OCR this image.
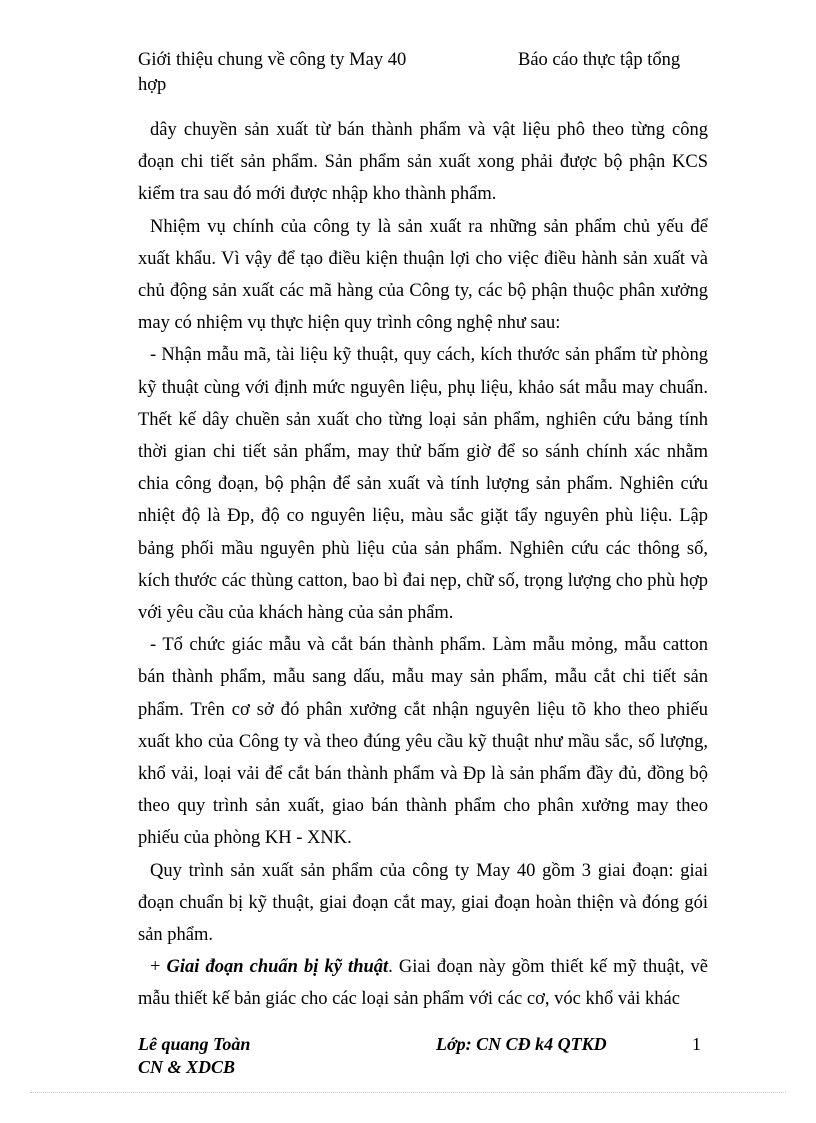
Giới thiệu chung về công ty May 40
hợp
Báo cáo thực tập tổng

dây chuyền sản xuất từ bán thành phẩm và vật liệu phô theo từng công đoạn chi tiết sản phẩm. Sản phẩm sản xuất xong phải được bộ phận KCS kiểm tra sau đó mới được nhập kho thành phẩm.

Nhiệm vụ chính của công ty là sản xuất ra những sản phẩm chủ yếu để xuất khẩu. Vì vậy để tạo điều kiện thuận lợi cho việc điều hành sản xuất và chủ động sản xuất các mã hàng của Công ty, các bộ phận thuộc phân xưởng may có nhiệm vụ thực hiện quy trình công nghệ như sau:

- Nhận mẫu mã, tài liệu kỹ thuật, quy cách, kích thước sản phẩm từ phòng kỹ thuật cùng với định mức nguyên liệu, phụ liệu, khảo sát mẫu may chuẩn. Thết kế dây chuền sản xuất cho từng loại sản phẩm, nghiên cứu bảng tính thời gian chi tiết sản phẩm, may thử bấm giờ để so sánh chính xác nhằm chia công đoạn, bộ phận để sản xuất và tính lượng sản phẩm. Nghiên cứu nhiệt độ là Đp, độ co nguyên liệu, màu sắc giặt tẩy nguyên phù liệu. Lập bảng phối mầu nguyên phù liệu của sản phẩm. Nghiên cứu các thông số, kích thước các thùng catton, bao bì đai nẹp, chữ số, trọng lượng cho phù hợp với yêu cầu của khách hàng của sản phẩm.

- Tổ chức giác mẫu và cắt bán thành phẩm. Làm mẫu mỏng, mẫu catton bán thành phẩm, mẫu sang dấu, mẫu may sản phẩm, mẫu cắt chi tiết sản phẩm. Trên cơ sở đó phân xưởng cắt nhận nguyên liệu tõ kho theo phiếu xuất kho của Công ty và theo đúng yêu cầu kỹ thuật như mầu sắc, số lượng, khổ vải, loại vải để cắt bán thành phẩm và Đp là sản phẩm đầy đủ, đồng bộ theo quy trình sản xuất, giao bán thành phẩm cho phân xưởng may theo phiếu của phòng KH - XNK.

Quy trình sản xuất sản phẩm của công ty May 40 gồm 3 giai đoạn: giai đoạn chuẩn bị kỹ thuật, giai đoạn cắt may, giai đoạn hoàn thiện và đóng gói sản phẩm.

+ Giai đoạn chuẩn bị kỹ thuật. Giai đoạn này gồm thiết kế mỹ thuật, vẽ mẫu thiết kế bản giác cho các loại sản phẩm với các cơ, vóc khổ vải khác

Lê quang Toàn
CN & XDCB
Lớp: CN CĐ k4 QTKD	1
